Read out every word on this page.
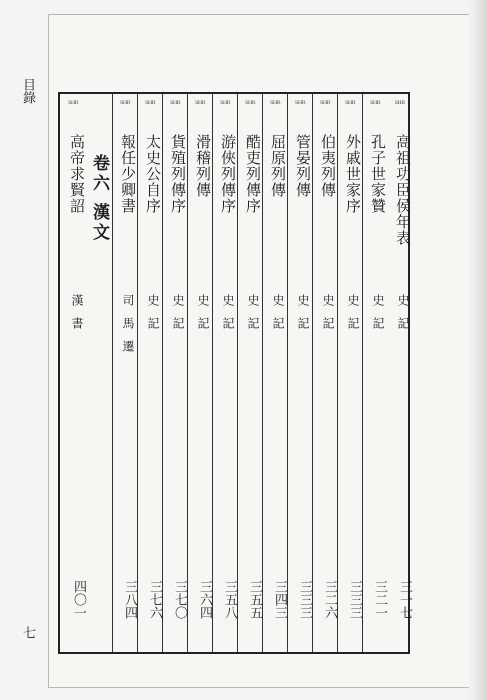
目錄
七
SHR
高祖功臣侯年表
史記
三一七
SHR
孔子世家贊
史記
三二一
SHR
外戚世家序
史記
三三三
SHR
伯夷列傳
史記
三二六
SHR
管晏列傳
史記
三三三
SHR
屈原列傳
史記
三四三
SHR
酷吏列傳序
史記
三五五
SHR
游俠列傳序
史記
三五八
SHR
滑稽列傳
史記
三六四
SHR
貨殖列傳序
史記
三七〇
SHR
太史公自序
史記
三七六
SHR
報任少卿書
司馬遷
三八四
卷六 漢文
SHR
高帝求賢詔
漢書
四〇一
